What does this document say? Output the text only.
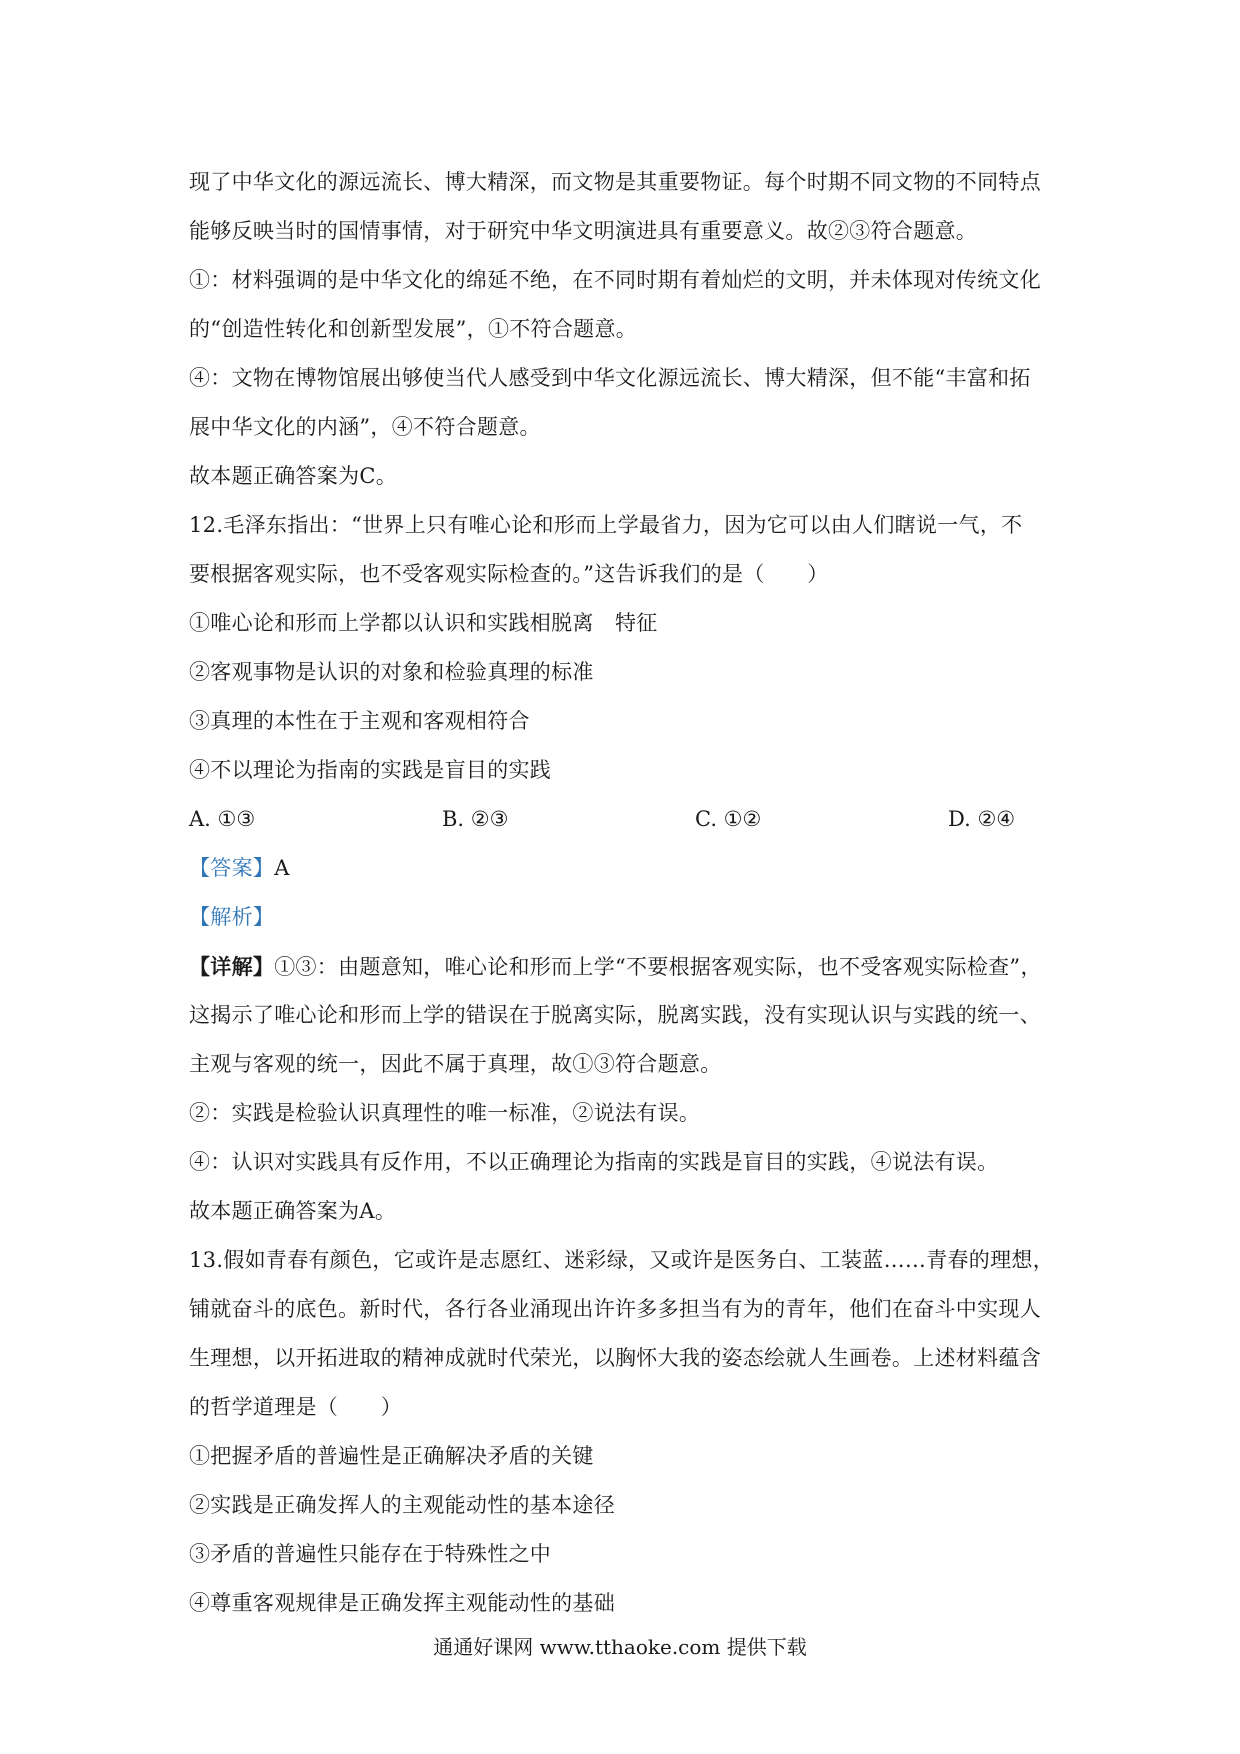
现了中华文化的源远流长、博大精深，而文物是其重要物证。每个时期不同文物的不同特点
能够反映当时的国情事情，对于研究中华文明演进具有重要意义。故②③符合题意。
①：材料强调的是中华文化的绵延不绝，在不同时期有着灿烂的文明，并未体现对传统文化
的“创造性转化和创新型发展”，①不符合题意。
④：文物在博物馆展出够使当代人感受到中华文化源远流长、博大精深，但不能“丰富和拓
展中华文化的内涵”，④不符合题意。
故本题正确答案为C。
12.毛泽东指出：“世界上只有唯心论和形而上学最省力，因为它可以由人们瞎说一气，不
要根据客观实际，也不受客观实际检查的。”这告诉我们的是（　　）
①唯心论和形而上学都以认识和实践相脱离　特征
②客观事物是认识的对象和检验真理的标准
③真理的本性在于主观和客观相符合
④不以理论为指南的实践是盲目的实践
A. ①③	B. ②③	C. ①②	D. ②④
【答案】A
【解析】
【详解】①③：由题意知，唯心论和形而上学“不要根据客观实际，也不受客观实际检查”，
这揭示了唯心论和形而上学的错误在于脱离实际，脱离实践，没有实现认识与实践的统一、
主观与客观的统一，因此不属于真理，故①③符合题意。
②：实践是检验认识真理性的唯一标准，②说法有误。
④：认识对实践具有反作用，不以正确理论为指南的实践是盲目的实践，④说法有误。
故本题正确答案为A。
13.假如青春有颜色，它或许是志愿红、迷彩绿，又或许是医务白、工装蓝……青春的理想，
铺就奋斗的底色。新时代，各行各业涌现出许许多多担当有为的青年，他们在奋斗中实现人
生理想，以开拓进取的精神成就时代荣光，以胸怀大我的姿态绘就人生画卷。上述材料蕴含
的哲学道理是（　　）
①把握矛盾的普遍性是正确解决矛盾的关键
②实践是正确发挥人的主观能动性的基本途径
③矛盾的普遍性只能存在于特殊性之中
④尊重客观规律是正确发挥主观能动性的基础
通通好课网 www.tthaoke.com 提供下载
